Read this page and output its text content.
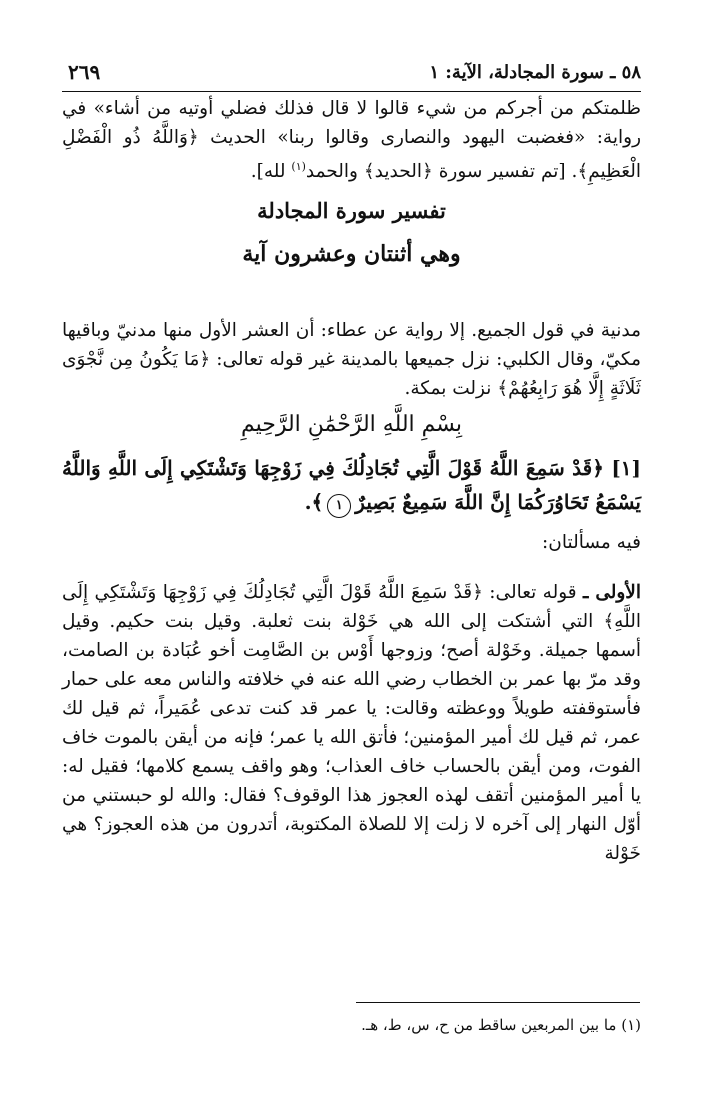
٥٨ ـ سورة المجادلة، الآية: ١
٢٦٩

ظلمتكم من أجركم من شيء قالوا لا قال فذلك فضلي أوتيه من أشاء» في رواية: «فغضبت اليهود والنصارى وقالوا ربنا» الحديث ﴿وَاللَّهُ ذُو الْفَضْلِ الْعَظِيمِ﴾. [تم تفسير سورة ﴿الحديد﴾ والحمد$^{(١)}$ لله].

تفسير سورة المجادلة

وهي أثنتان وعشرون آية

مدنية في قول الجميع. إلا رواية عن عطاء: أن العشر الأول منها مدنيّ وباقيها مكيّ، وقال الكلبي: نزل جميعها بالمدينة غير قوله تعالى: ﴿مَا يَكُونُ مِن نَّجْوَى ثَلَاثَةٍ إِلَّا هُوَ رَابِعُهُمْ﴾ نزلت بمكة.

بِسْمِ اللَّهِ الرَّحْمَٰنِ الرَّحِيمِ

[١] ﴿قَدْ سَمِعَ اللَّهُ قَوْلَ الَّتِي تُجَادِلُكَ فِي زَوْجِهَا وَتَشْتَكِي إِلَى اللَّهِ وَاللَّهُ يَسْمَعُ تَحَاوُرَكُمَا إِنَّ اللَّهَ سَمِيعٌ بَصِيرٌ١﴾.

فيه مسألتان:

الأولى ـ قوله تعالى: ﴿قَدْ سَمِعَ اللَّهُ قَوْلَ الَّتِي تُجَادِلُكَ فِي زَوْجِهَا وَتَشْتَكِي إِلَى اللَّهِ﴾ التي أشتكت إلى الله هي خَوْلة بنت ثعلبة. وقيل بنت حكيم. وقيل أسمها جميلة. وخَوْلة أصح؛ وزوجها أَوْس بن الصَّامِت أخو عُبَادة بن الصامت، وقد مرّ بها عمر بن الخطاب رضي الله عنه في خلافته والناس معه على حمار فأستوقفته طويلاً ووعظته وقالت: يا عمر قد كنت تدعى عُمَيراً، ثم قيل لك عمر، ثم قيل لك أمير المؤمنين؛ فأتق الله يا عمر؛ فإنه من أيقن بالموت خاف الفوت، ومن أيقن بالحساب خاف العذاب؛ وهو واقف يسمع كلامها؛ فقيل له: يا أمير المؤمنين أتقف لهذه العجوز هذا الوقوف؟ فقال: والله لو حبستني من أوّل النهار إلى آخره لا زلت إلا للصلاة المكتوبة، أتدرون من هذه العجوز؟ هي خَوْلة

(١) ما بين المربعين ساقط من ح، س، ط، هـ.
